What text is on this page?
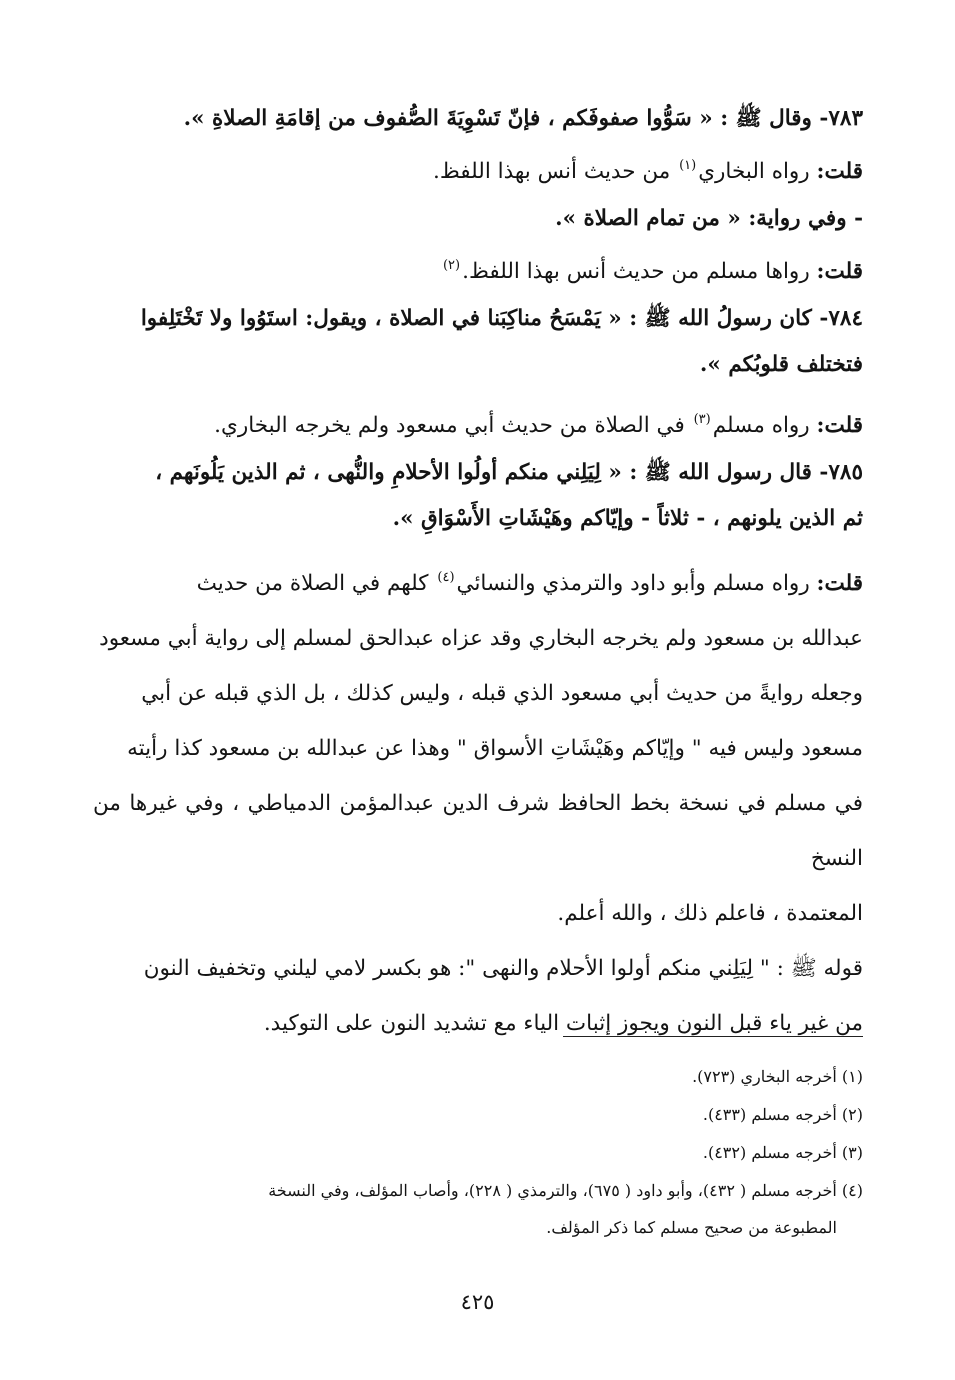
٧٨٣- وقال ﷺ : « سَوُّوا صفوفَكم ، فإنّ تَسْوِيَةَ الصُّفوف من إقامَةِ الصلاةِ ».

قلت: رواه البخاري$^{(١)}$ من حديث أنس بهذا اللفظ.

- وفي رواية: « من تمام الصلاة ».

قلت: رواها مسلم من حديث أنس بهذا اللفظ.$^{(٢)}$

٧٨٤- كان رسولُ الله ﷺ : « يَمْسَحُ مناكِبَنا في الصلاة ، ويقول: استَوُوا ولا تَخْتَلِفوا

فتختلف قلوبُكم ».

قلت: رواه مسلم$^{(٣)}$ في الصلاة من حديث أبي مسعود ولم يخرجه البخاري.

٧٨٥- قال رسول الله ﷺ : « لِيَلِني منكم أولُوا الأحلامِ والنُّهى ، ثم الذين يَلُونَهم ،

ثم الذين يلونهم ، - ثلاثاً - وإيّاكم وهَيْشَاتِ الأَسْوَاقِ ».

قلت: رواه مسلم وأبو داود والترمذي والنسائي$^{(٤)}$ كلهم في الصلاة من حديث

عبدالله بن مسعود ولم يخرجه البخاري وقد عزاه عبدالحق لمسلم إلى رواية أبي مسعود

وجعله روايةً من حديث أبي مسعود الذي قبله ، وليس كذلك ، بل الذي قبله عن أبي

مسعود وليس فيه " وإيّاكم وهَيْشَاتِ الأسواق " وهذا عن عبدالله بن مسعود كذا رأيته

في مسلم في نسخة بخط الحافظ شرف الدين عبدالمؤمن الدمياطي ، وفي غيرها من النسخ

المعتمدة ، فاعلم ذلك ، والله أعلم.

قوله ﷺ : " لِيَلِني منكم أولوا الأحلام والنهى ": هو بكسر لامي ليلني وتخفيف النون

من غير ياء قبل النون ويجوز إثبات الياء مع تشديد النون على التوكيد.

(١) أخرجه البخاري (٧٢٣).

(٢) أخرجه مسلم (٤٣٣).

(٣) أخرجه مسلم (٤٣٢).

(٤) أخرجه مسلم ( ٤٣٢)، وأبو داود ( ٦٧٥)، والترمذي ( ٢٢٨)، وأصاب المؤلف، وفي النسخة

المطبوعة من صحيح مسلم كما ذكر المؤلف.

٤٢٥
